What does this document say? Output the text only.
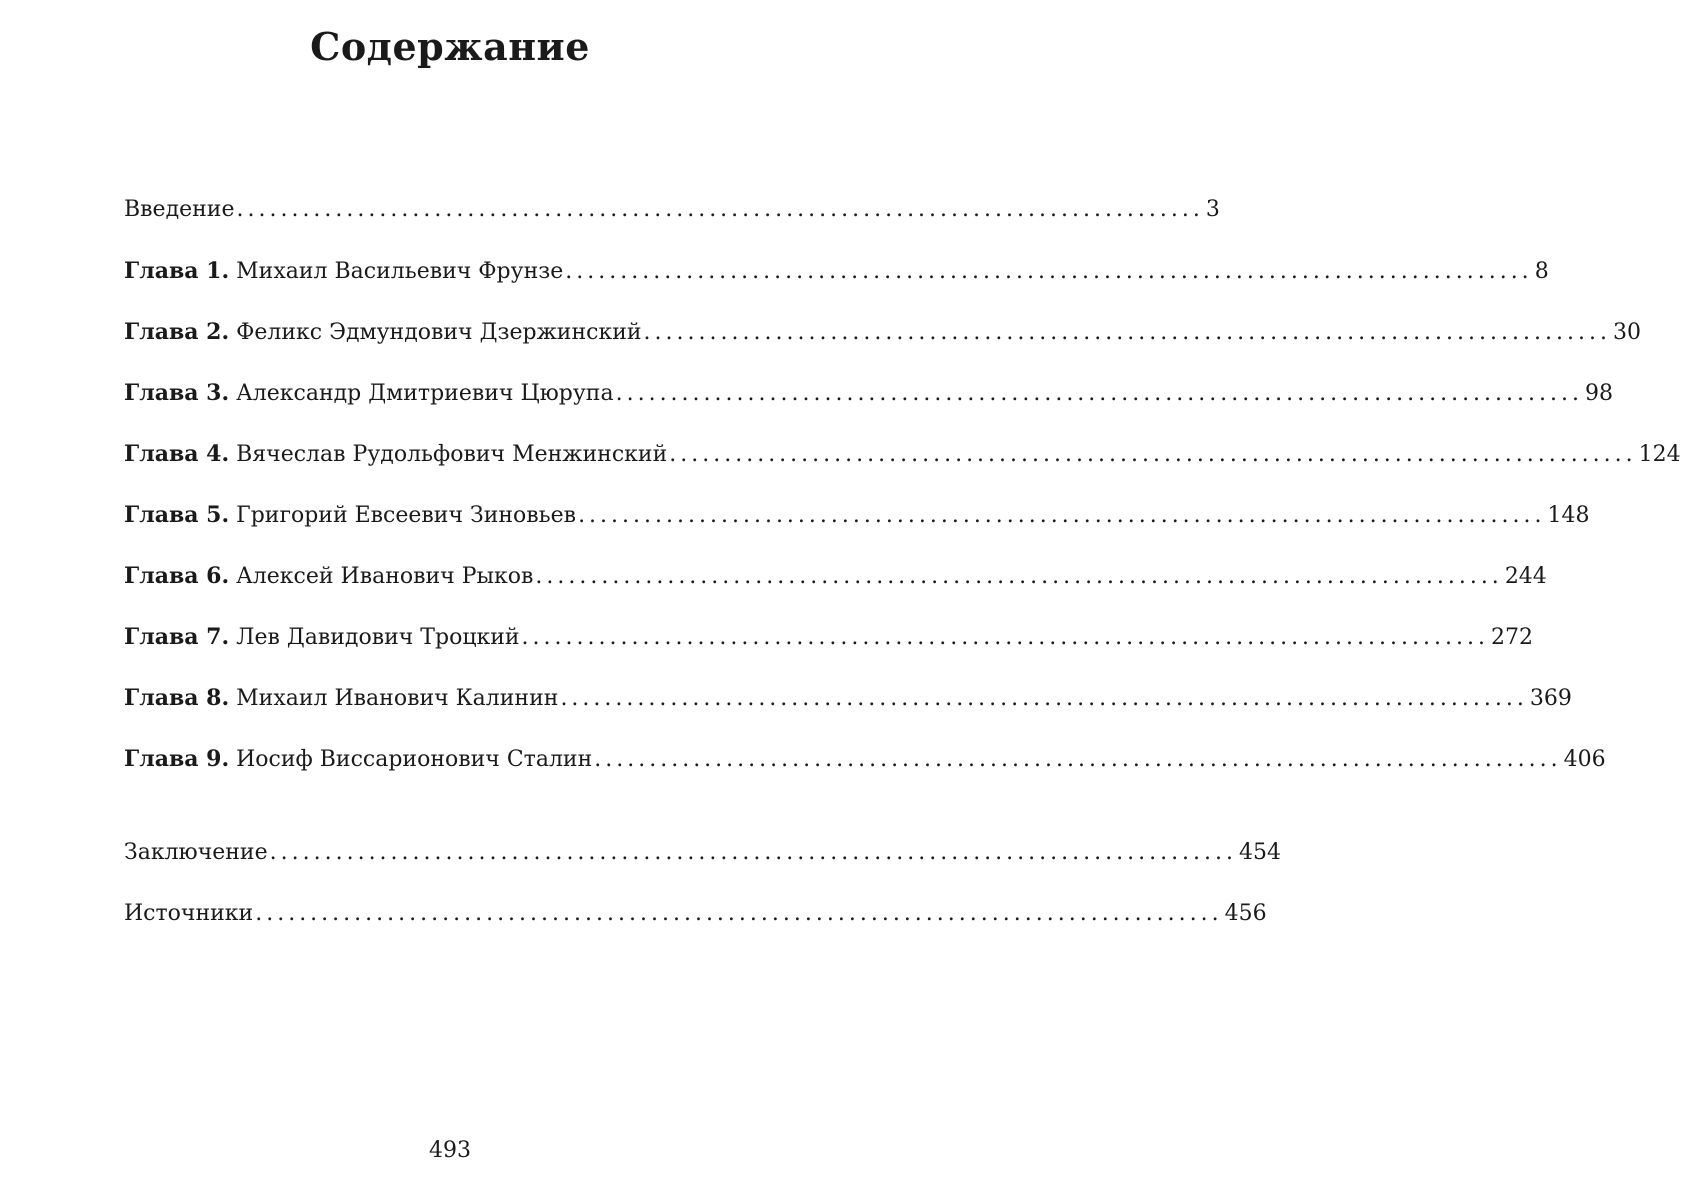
Содержание
Введение ........................................................................................ 3
Глава 1. Михаил Васильевич Фрунзе ........................................................................................ 8
Глава 2. Феликс Эдмундович Дзержинский ........................................................................................ 30
Глава 3. Александр Дмитриевич Цюрупа ........................................................................................ 98
Глава 4. Вячеслав Рудольфович Менжинский ........................................................................................ 124
Глава 5. Григорий Евсеевич Зиновьев ........................................................................................ 148
Глава 6. Алексей Иванович Рыков ........................................................................................ 244
Глава 7. Лев Давидович Троцкий ........................................................................................ 272
Глава 8. Михаил Иванович Калинин ........................................................................................ 369
Глава 9. Иосиф Виссарионович Сталин ........................................................................................ 406
Заключение ........................................................................................ 454
Источники ........................................................................................ 456
493
